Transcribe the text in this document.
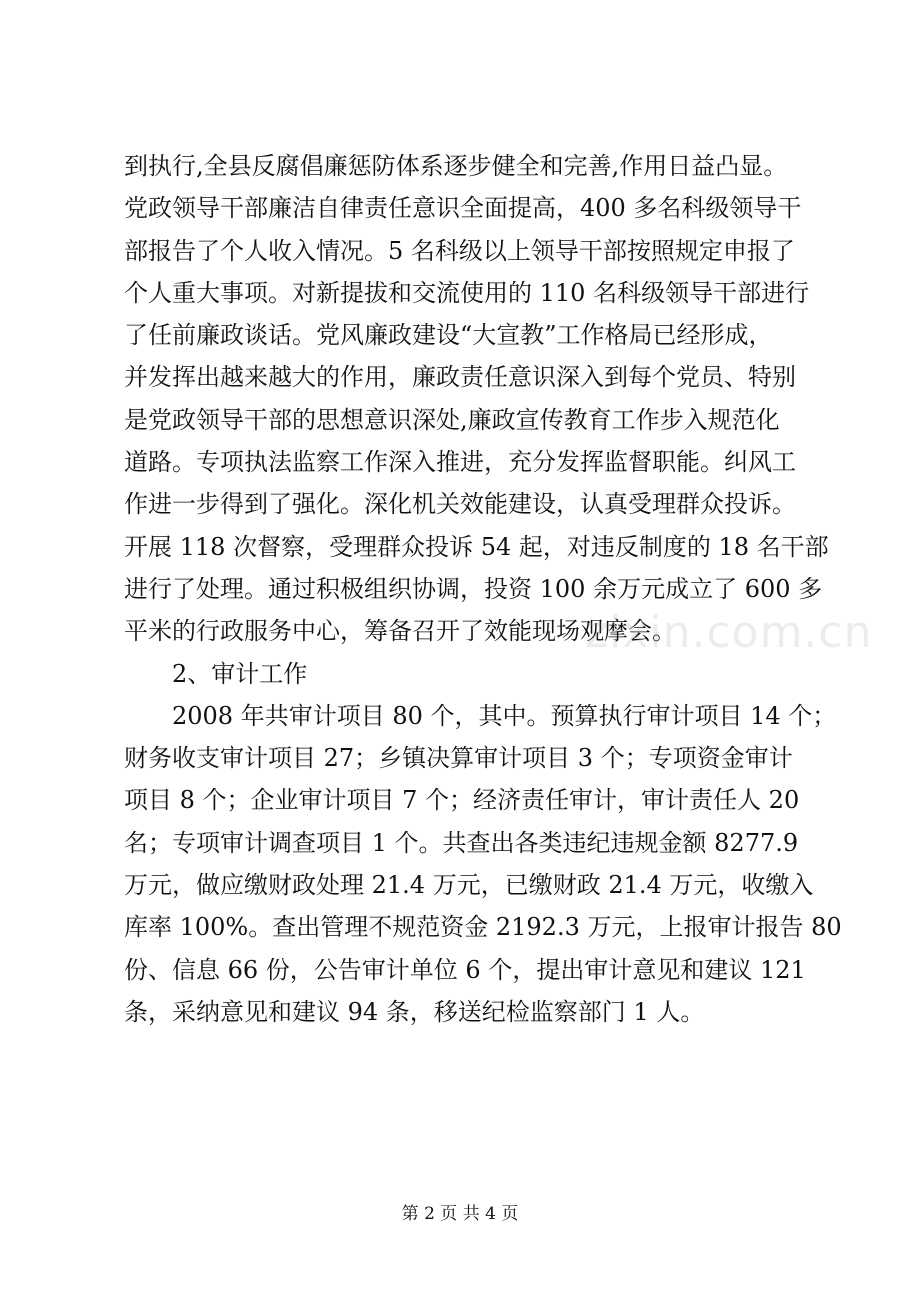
到执行,全县反腐倡廉惩防体系逐步健全和完善,作用日益凸显。
党政领导干部廉洁自律责任意识全面提高，400 多名科级领导干
部报告了个人收入情况。5 名科级以上领导干部按照规定申报了
个人重大事项。对新提拔和交流使用的 110 名科级领导干部进行
了任前廉政谈话。党风廉政建设“大宣教”工作格局已经形成，
并发挥出越来越大的作用，廉政责任意识深入到每个党员、特别
是党政领导干部的思想意识深处,廉政宣传教育工作步入规范化
道路。专项执法监察工作深入推进，充分发挥监督职能。纠风工
作进一步得到了强化。深化机关效能建设，认真受理群众投诉。
开展 118 次督察，受理群众投诉 54 起，对违反制度的 18 名干部
进行了处理。通过积极组织协调，投资 100 余万元成立了 600 多
平米的行政服务中心，筹备召开了效能现场观摩会。
2、审计工作
2008 年共审计项目 80 个，其中。预算执行审计项目 14 个；
财务收支审计项目 27；乡镇决算审计项目 3 个；专项资金审计
项目 8 个；企业审计项目 7 个；经济责任审计，审计责任人 20
名；专项审计调查项目 1 个。共查出各类违纪违规金额 8277.9
万元，做应缴财政处理 21.4 万元，已缴财政 21.4 万元，收缴入
库率 100%。查出管理不规范资金 2192.3 万元，上报审计报告 80
份、信息 66 份，公告审计单位 6 个，提出审计意见和建议 121
条，采纳意见和建议 94 条，移送纪检监察部门 1 人。
zixin.com.cn
第 2 页 共 4 页
